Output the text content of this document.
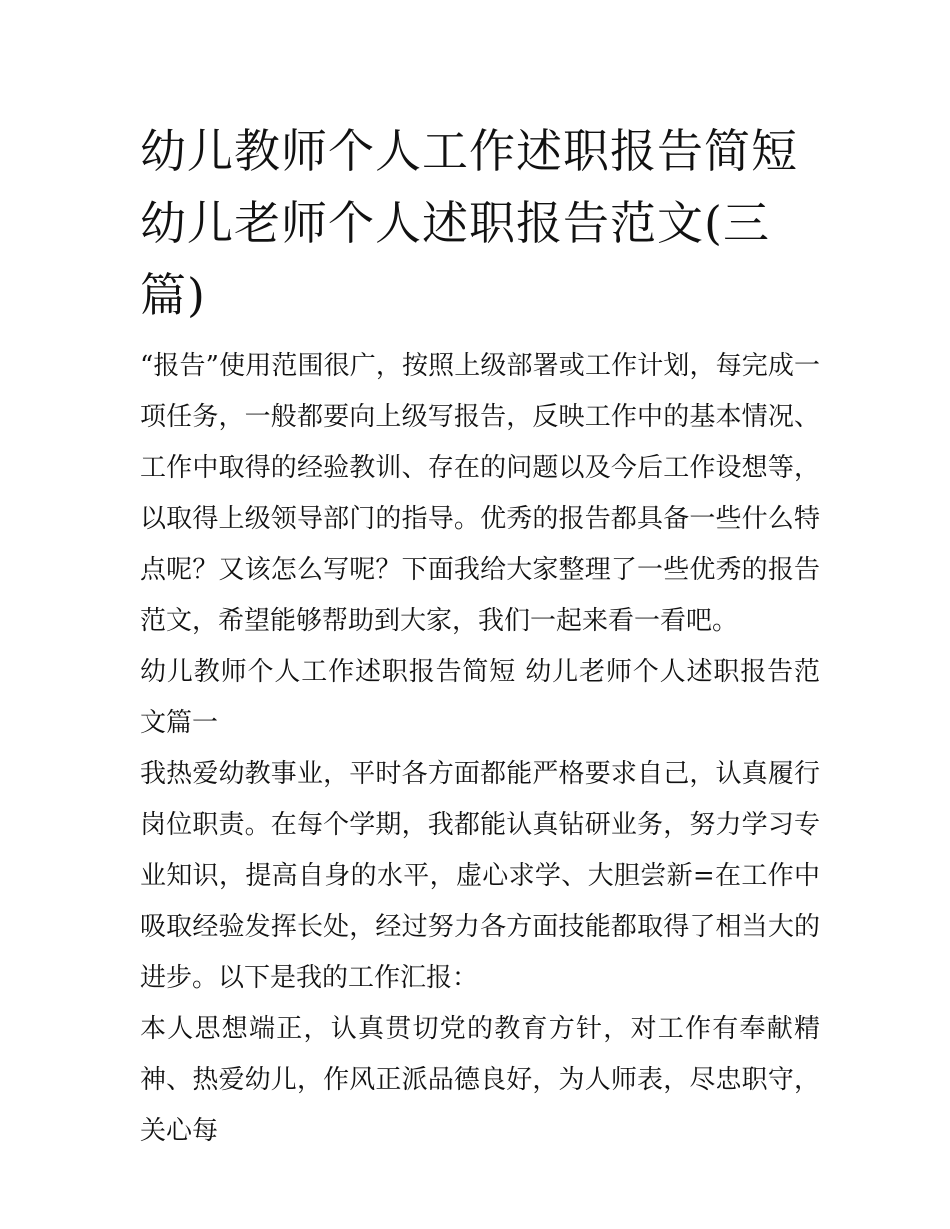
幼儿教师个人工作述职报告简短 幼儿老师个人述职报告范文(三篇)

“报告”使用范围很广，按照上级部署或工作计划，每完成一项任务，一般都要向上级写报告，反映工作中的基本情况、工作中取得的经验教训、存在的问题以及今后工作设想等，以取得上级领导部门的指导。优秀的报告都具备一些什么特点呢？又该怎么写呢？下面我给大家整理了一些优秀的报告范文，希望能够帮助到大家，我们一起来看一看吧。

幼儿教师个人工作述职报告简短 幼儿老师个人述职报告范文篇一

我热爱幼教事业，平时各方面都能严格要求自己，认真履行岗位职责。在每个学期，我都能认真钻研业务，努力学习专业知识，提高自身的水平，虚心求学、大胆尝新=在工作中吸取经验发挥长处，经过努力各方面技能都取得了相当大的进步。以下是我的工作汇报：

本人思想端正，认真贯切党的教育方针，对工作有奉献精神、热爱幼儿，作风正派品德良好，为人师表，尽忠职守，关心每
